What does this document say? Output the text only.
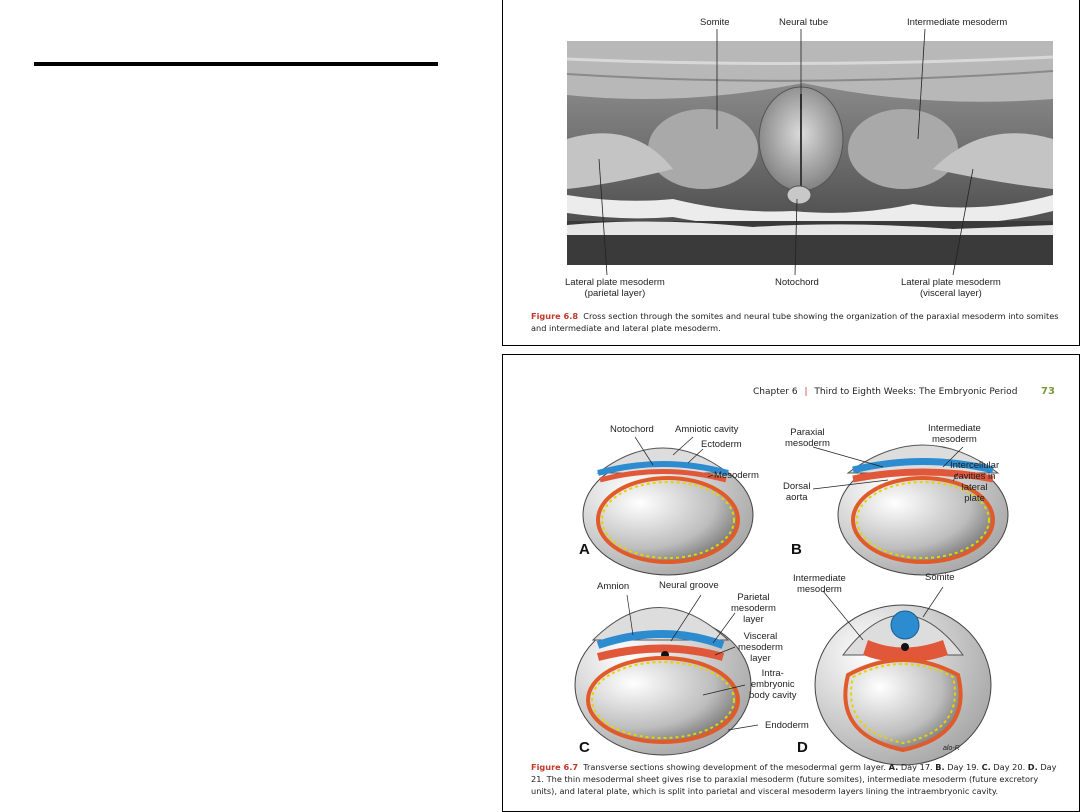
Somite	Neural tube	Intermediate mesoderm
Lateral plate mesoderm
(parietal layer)
Notochord	Lateral plate mesoderm
(visceral layer)
Figure 6.8 Cross section through the somites and neural tube showing the organization of the paraxial mesoderm into somites and intermediate and lateral plate mesoderm.
Chapter 6 | Third to Eighth Weeks: The Embryonic Period 73
Notochord Amniotic cavity
Ectoderm
Mesoderm
A
Paraxial
mesoderm
Intermediate
mesoderm
Dorsal
aorta
Intercellular
cavities in
lateral
plate
B
Amnion	Neural groove
Parietal
mesoderm
layer
Visceral
mesoderm
layer
Intra-
embryonic
body cavity
Endoderm
C
Intermediate
mesoderm
Somite
D	alo-R
Figure 6.7 Transverse sections showing development of the mesodermal germ layer. A. Day 17. B. Day 19. C. Day 20. D. Day 21. The thin mesodermal sheet gives rise to paraxial mesoderm (future somites), intermediate mesoderm (future excretory units), and lateral plate, which is split into parietal and visceral mesoderm layers lining the intraembryonic cavity.
